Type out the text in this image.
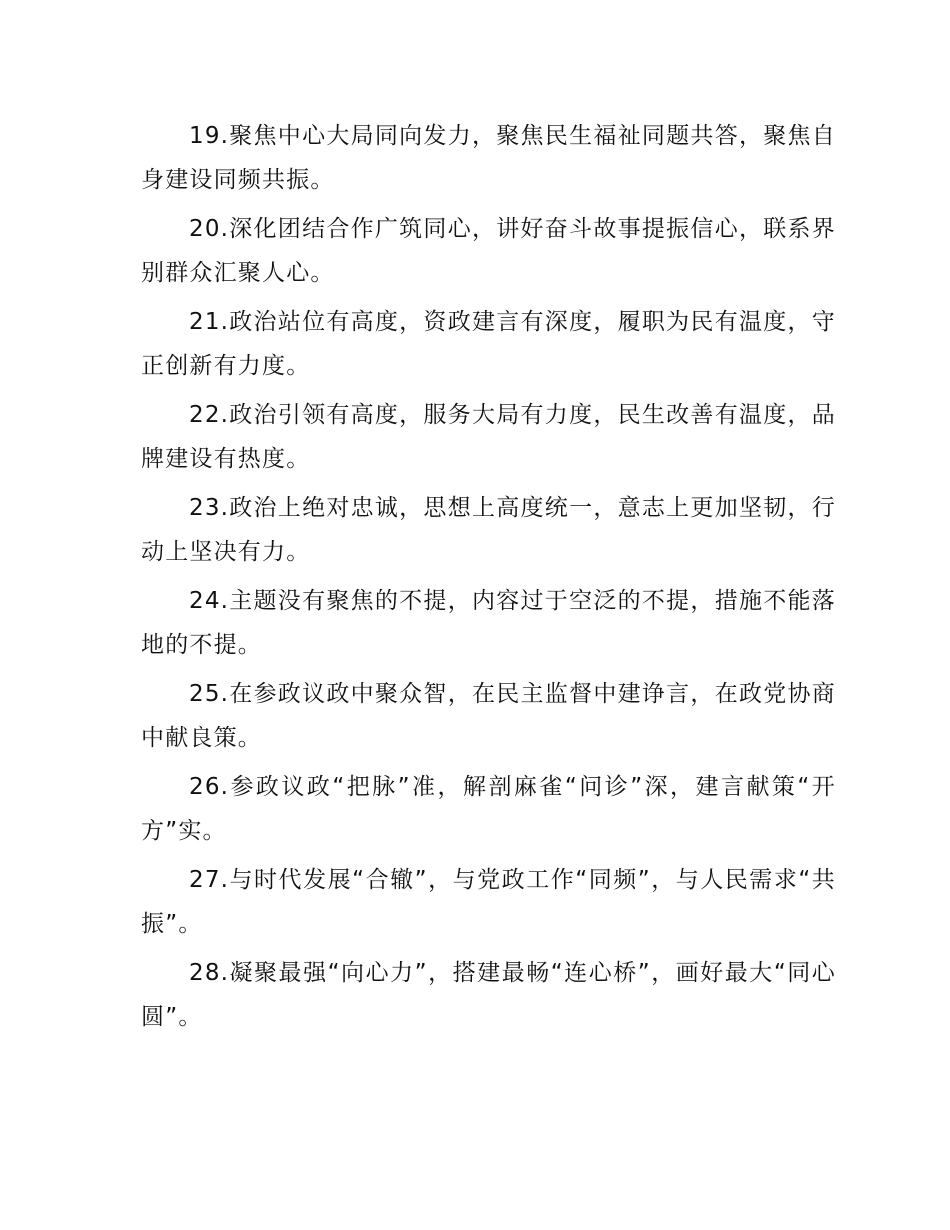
19.聚焦中心大局同向发力，聚焦民生福祉同题共答，聚焦自身建设同频共振。

20.深化团结合作广筑同心，讲好奋斗故事提振信心，联系界别群众汇聚人心。

21.政治站位有高度，资政建言有深度，履职为民有温度，守正创新有力度。

22.政治引领有高度，服务大局有力度，民生改善有温度，品牌建设有热度。

23.政治上绝对忠诚，思想上高度统一，意志上更加坚韧，行动上坚决有力。

24.主题没有聚焦的不提，内容过于空泛的不提，措施不能落地的不提。

25.在参政议政中聚众智，在民主监督中建诤言，在政党协商中献良策。

26.参政议政“把脉”准，解剖麻雀“问诊”深，建言献策“开方”实。

27.与时代发展“合辙”，与党政工作“同频”，与人民需求“共振”。

28.凝聚最强“向心力”，搭建最畅“连心桥”，画好最大“同心圆”。
